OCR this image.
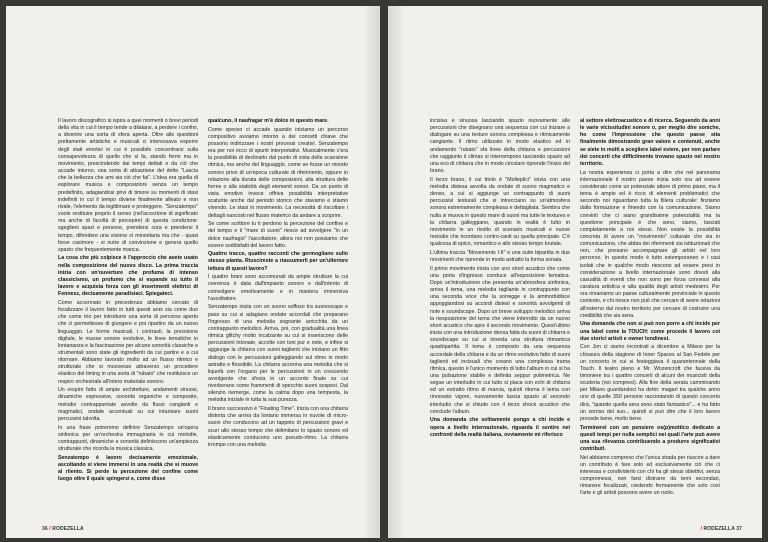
Il lavoro discografico si ispira a quei momenti o brevi periodi della vita in cui il tempo tende a dilatarsi, a perdere i confini, a divenire una sorta di sfera aperta. Oltre alle questioni prettamente artistiche e musicali ci interessava esporre degli stati emotivi in cui è possibile concentrarsi sulla consapevolezza di quello che si fa, stando fermi ma in movimento, prescindendo dai tempi dettati e da ciò che accade intorno, una sorta di attuazione del detto "Lascia che la bellezza che ami sia ciò che fai". L'idea era quella di esplorare musica e composizioni senza un tempo predefinito, adagiandosi privi di timore su momenti di stasi indefiniti in cui il tempo diviene finalmente alleato e non rivale, l'elemento da legittimare e proteggere. "Senzatempo" vuole restituire proprio il senso (nel'accezione di significato ma anche di facoltà di percepire) di questa condizione: sgeglieni spazi e persone, prendersi cura e prendersi il tempo, difendere una visione sì minoritaria ma che - quasi forse casimore - si nutre di convinzione e genera quello spazio che frequentemente manca.

La cosa che più colpisce è l'approccio che avete usato nella composizione del nuovo disco. La prima traccia inizia con un'ouverture che profuma di intenso classicismo, un profumo che si espande su tutto il lavoro e acquista forza con gli inserimenti elettrici di Fennesz, decisamente paradisiaci. Spiegateci.

Come accennato in precedenza abbiamo cercato di focalizzare il lavoro fatto in tutti questi anni sia come duo che come trio per introdurre una sorta di percorso aperto che ci permettesse di giungere e poi ripartire da un nuovo linguaggio. Le forme musicali, i contrasti, la precisione digitale, le masse sonore evolutive, le linee temaliche in lontananza e la fascinazione per alcune sonorità classiche e strumentali sono state gli ingredienti da cui partire e a cui ritornare. Abbiamo lavorato molto ad un flusso ritmico e strutturale che si muovesse attraverso un procedere elastico del timing in una sorta di "rubato" che restituisce un respiro orchestrale all'intero materiale sonoro.

Un respiro fatto di ampie architetture, andamenti sinuosi, dinamiche espressive, sonorità organiche e composite, melodie contrappuntate avvolte da flussi cangianti e magmatici, ondate accentuali su cui intarsiare suoni percussivi talvolta.

In una frase potremmo definire Senzatempo un'opera sinfonica per un'orchestra immaginaria in cui melodie, contrappunti, dinamiche e sonorità definiscono un'ampiezza strutturale che ricorda la musica classica.

Senzatempo è lavoro decisamente emozionale, ascoltando si viene immersi in una realtà che si muove al rilento. Si perde la percezione del confine come luogo oltre il quale spingersi e, come disse

qualcuno, il naufragar m'è dolce in questo mare.

Come spesso ci accade quando iniziamo un percorso compositivo avviamo intorno a dei concetti chiave che possono indirizzare i nostri processi creativi. Senzatempo era per noi ricco di spunti interpretativi. Musicalmente c'era la possibilità di declinarlo dal punto di vista della scansione ritmica, ma anche del linguaggio, come se fosse un mondo sonoro privo di un'epoca culturale di riferimento, oppure in relazione alla durata delle composizioni, alla struttura delle forme o alla staticità degli elementi sonori. Da un punto di vista emotivo invece offriva possibilità interpretative scaturite anche dal periodo storico che stavamo e stiamo vivendo. Le stasi in movimento. La necessità di riscoltare i dettagli nascosti nel flusso materico da andare a scoprire.

Se come scrittore tu ti perdono la percezione del confine e del tempo e il "mare di suoni" riesce ad avvolgere "in un dolce naufragio" l'ascoltatore, allora noi non possiamo che essere soddisfatti del lavoro fatto.

Quattro tracce, quattro racconti che germogliano sullo stesso pianta. Riuscireste a riassumerli per un'ulteriore lettura di questi lavoro?

I quattro brani sono accomunati da ampie strutture la cui coerenza è data dall'impianto sonoro e dall'intento di coinvolgere emotivamente e in maniera immersiva l'ascoltatore.

Senzatempo inizia con un suono soffuso tra suonoscape e pass su cui si adagiano ondate accordali che preparano l'ingresso di una melodia sognante arricchita da un contrappunto melodico. Arriva, poi, con gradualità una linea ritmica glitchy molto incalzante su cui si inseriscono delle percussioni intonate, accolte con toni pur e note, e infine si aggiunge la chitarra con suoni taglienti che iniziano un fitto dialogo con le percussioni galleggiando sul ritmo in modo astratto e flessibile. La chitarra accenna una melodia che si liquefà con l'organo per le percussioni in un crescendo avvolgente che sfocia in un accordo finale su cui riverberano come frammenti di specchio suoni sospesi. Dal silenzio riemerge, come la calma dopo una tempesta, la melodia iniziale in tutta la sua purezza.

Il brano successivo è "Floating Time". Inizia con una chitarra distorta che arriva da lontano immersa in nuvole di micro-suoni che conducono ad un tappeto di percussioni gravi e scuri allo stesso tempo che delimitano lo spazio sonoro ed elasticamente conducono uno pseudo-ritmo. La chitarra irrompe con una melodia

36 / RODEZELLA

incisiva e sinuosa lasciando spazio nuovamente alle percussioni che disegnano una sequenza con cui iniziare a dialogare su una texture sonora complessa e ritmicamente cangiante. Il ritmo utilizzato in modo elastico ed in andamento "rubato" sfa linee della chitarra e percussioni che raggiunto il climax si interrompono lasciando spazio ad una eco di chitarra che in modo circolare riprende l'inizio del brano.

Il terzo brano, il cui titolo è "Molteplici" inizia con una melodia distesa avvolta da ondate di suono magmatico e denso, a cui si aggiunge un contrappunto di suoni percussivi testurali che si intrecciano su un'atmosfera sonora estremamente complessa e dettagliata. Sembra che nulla si muova in questo mare di suoni ma tutte le textures e la chitarra galleggiano, quando in realtà è tutto in movimento in un rivolto di scenario musicali e nuove melodie che ricordano contro-canti su quella principale. C'è qualcosa di epico, romantico e allo stesso tempo brutale.

L'ultima traccia "Movements I-II" e una suite bipartita in due movimenti che riprende in modo astratto la forma sonata.

Il primo movimento inizia con uno short acustico che come una porta d'ingresso conduce all'esposizione tematica. Dopo un'introduzione che presenta un'atmosfera sinfonica, arriva il tema, una melodia tagliante in contrappunto con una seconda voce che la sorregge e la ammorbidisce appoggiandosi su accordi distesi e sonorità avvolgenti di note e soundscape. Dopo un breve sviluppo melodico arriva la riesposizione del tema che viene interrotto da un nuovo short acustico che apre il secondo movimento. Quest'ultimo inizia con una introduzione densa fatta da suoni di chitarra e soundscape su cui si innesta una struttura ritmamica quadripartita. Il tema è composto da una sequenza accordale della chitarra e da un ritmo evolutivo fatto di suoni taglienti ed incisuali che creano una complessa trama ritmica, questo è l'unico momento di tutto l'album in cui si ha una pulsazione stabile e definita seppur polimetrica. Ne segue un interludio in cui tutto si placa con echi di chitarra ed un estratto ritmo di marcia, quindi ritorna il tema con rinnovato vigore, nuovamente lascia spazio al secondo interludio che si chiude con il terzo shock acustico che conclude l'album.

Una domanda che solitamente pongo a chi incide e opera a livello internazionale, riguarda il sentire nei confronti della realtà italiana, ovviamente mi riferisco

al settore elettroacustico e di ricerca. Seguendo da anni le varie vicissitudini sonore o, per meglio dire soniche, ho come l'impressione che questo paese stia finalmente dimostrando gran valore e contenuti, anche se siete in molti a scegliere label estere, per non parlare dei concerti che difficilmente trovano spazio nel nostro territorio.

La nostra esperienza ci porta a dire che nel panorama internazionale il nostro paese inizia solo ora ad essere considerato come un potenziale attore di primo piano, ma il tema è ampio ed è ricco di elementi problematici che secondo noi riguardano tutta la filiera culturale: finziamo dalla formazione e finendo con la comunicazione. Siamo convinti che ci siano grandissime potenzialità ma la questione principale è che sono, siamo, lasciati completamente a noi stessi. Non esiste la possibilità concreta di avere un "movimento" culturale che sia in comunicazione, che abbia dei riferimenti sia istituzionali che non, che possano accompagnare gli artisti nel loro percorso. In questo modo è tutto estemporaneo e i casi isolati che in qualche modo riescono ad essere presi in considerazione a livello internazionale sono dovuti alla casualità di eventi che non sono per forza connessi alla caratura artistica e alla qualità degli artisti medesimi. Per ora rimaniamo un paese culturalmente provinciale in questo contesto, e chi riesce non può che cercare di avere relazioni all'esterno dal nostro territorio per cercare di costruire una credibilità che sia seria.

Una domanda che non si può non porre a chi incide per una label come la TOUCH: come procede il lavoro coi due storici artisti e owner londinesi.

Con Jon ci siamo incontrati a dicembre a Milano per la chiusura della stagione di Inner Spaces al San Fedele per un concerto in cui si festeggiava il quarantennale della Touch. Il teatro pieno e Mr. Wozencroft che faceva da timoniere tra i quattro concerti di alcuni dei musicisti della scuderia (noi compresi). Alla fine della serata camminando per Milano guardandoci ha detto: magari tra qualche anno uno di quelle 350 persone raccontando di questo concerto dirà, "quando quella sera sono stato fantastico"... e ha fatto un sorriso del suo... quindi si può dire che il loro lavoro procede bene, molto bene.

Terminerei con un pensiero os(p)mottico dedicato a questi tempi per nulla semplici nei quali l'arte può avere una sua rilevanza contribuendo a produrre significativi contributi.

Nei abbiamo compreso che l'unica strada per riuscire a dare un contributo è fare solo ed esclusivamente ciò che ci interessa e condividerlo con chi ha gli stessi obiettivi, senza compromessi, non farsi distrarre da temi secondari, rimanere focalizzati, credendo fermamente che solo così l'arte e gli artisti possono avere un ruolo.

/ RODEZELLA 37
